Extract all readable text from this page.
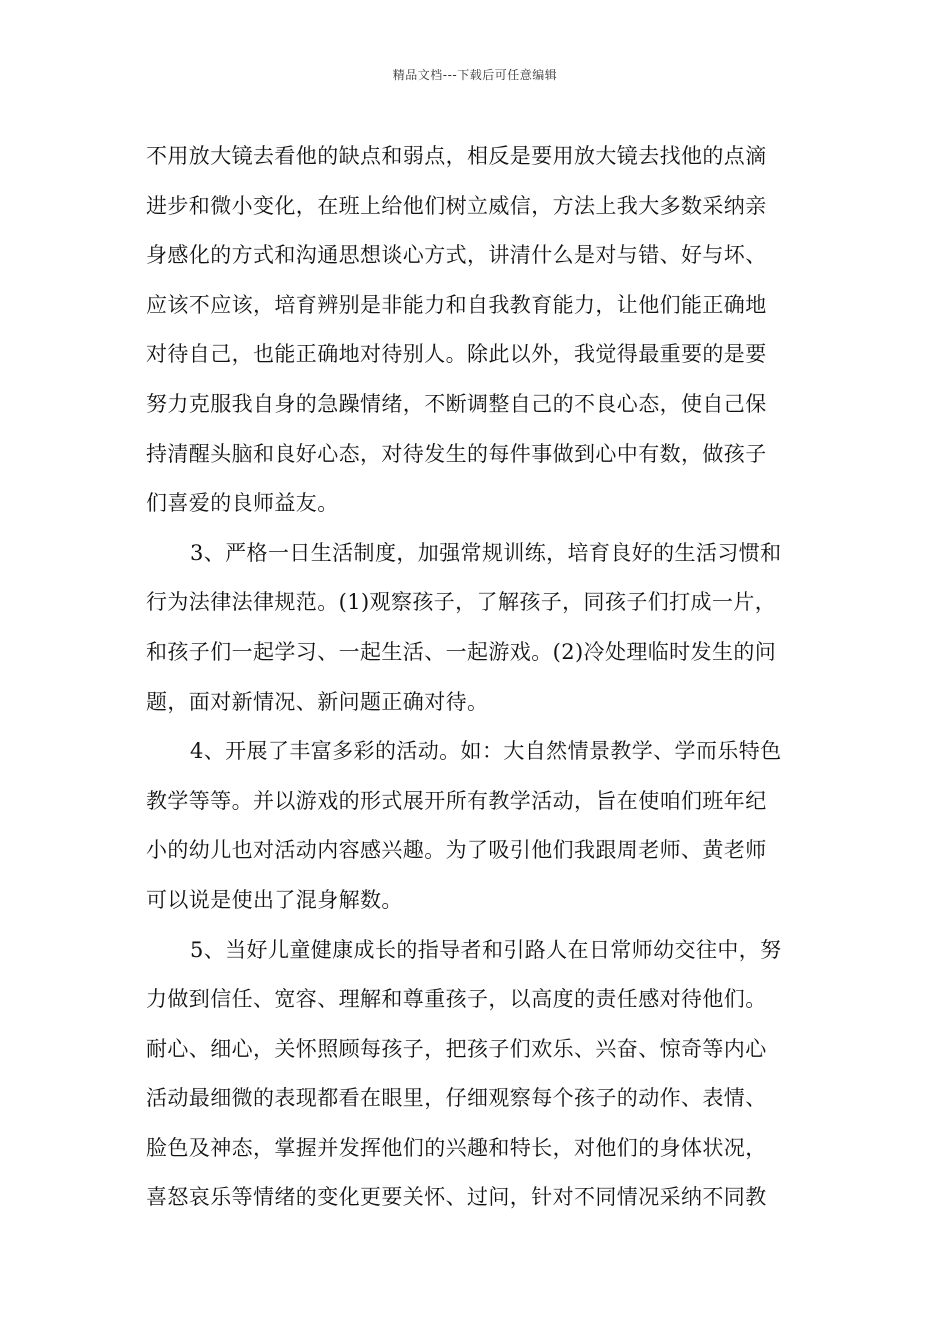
精品文档---下载后可任意编辑
不用放大镜去看他的缺点和弱点，相反是要用放大镜去找他的点滴
进步和微小变化，在班上给他们树立威信，方法上我大多数采纳亲
身感化的方式和沟通思想谈心方式，讲清什么是对与错、好与坏、
应该不应该，培育辨别是非能力和自我教育能力，让他们能正确地
对待自己，也能正确地对待别人。除此以外，我觉得最重要的是要
努力克服我自身的急躁情绪，不断调整自己的不良心态，使自己保
持清醒头脑和良好心态，对待发生的每件事做到心中有数，做孩子
们喜爱的良师益友。
3、严格一日生活制度，加强常规训练，培育良好的生活习惯和
行为法律法律规范。(1)观察孩子，了解孩子，同孩子们打成一片，
和孩子们一起学习、一起生活、一起游戏。(2)冷处理临时发生的问
题，面对新情况、新问题正确对待。
4、开展了丰富多彩的活动。如：大自然情景教学、学而乐特色
教学等等。并以游戏的形式展开所有教学活动，旨在使咱们班年纪
小的幼儿也对活动内容感兴趣。为了吸引他们我跟周老师、黄老师
可以说是使出了混身解数。
5、当好儿童健康成长的指导者和引路人在日常师幼交往中，努
力做到信任、宽容、理解和尊重孩子，以高度的责任感对待他们。
耐心、细心，关怀照顾每孩子，把孩子们欢乐、兴奋、惊奇等内心
活动最细微的表现都看在眼里，仔细观察每个孩子的动作、表情、
脸色及神态，掌握并发挥他们的兴趣和特长，对他们的身体状况，
喜怒哀乐等情绪的变化更要关怀、过问，针对不同情况采纳不同教
